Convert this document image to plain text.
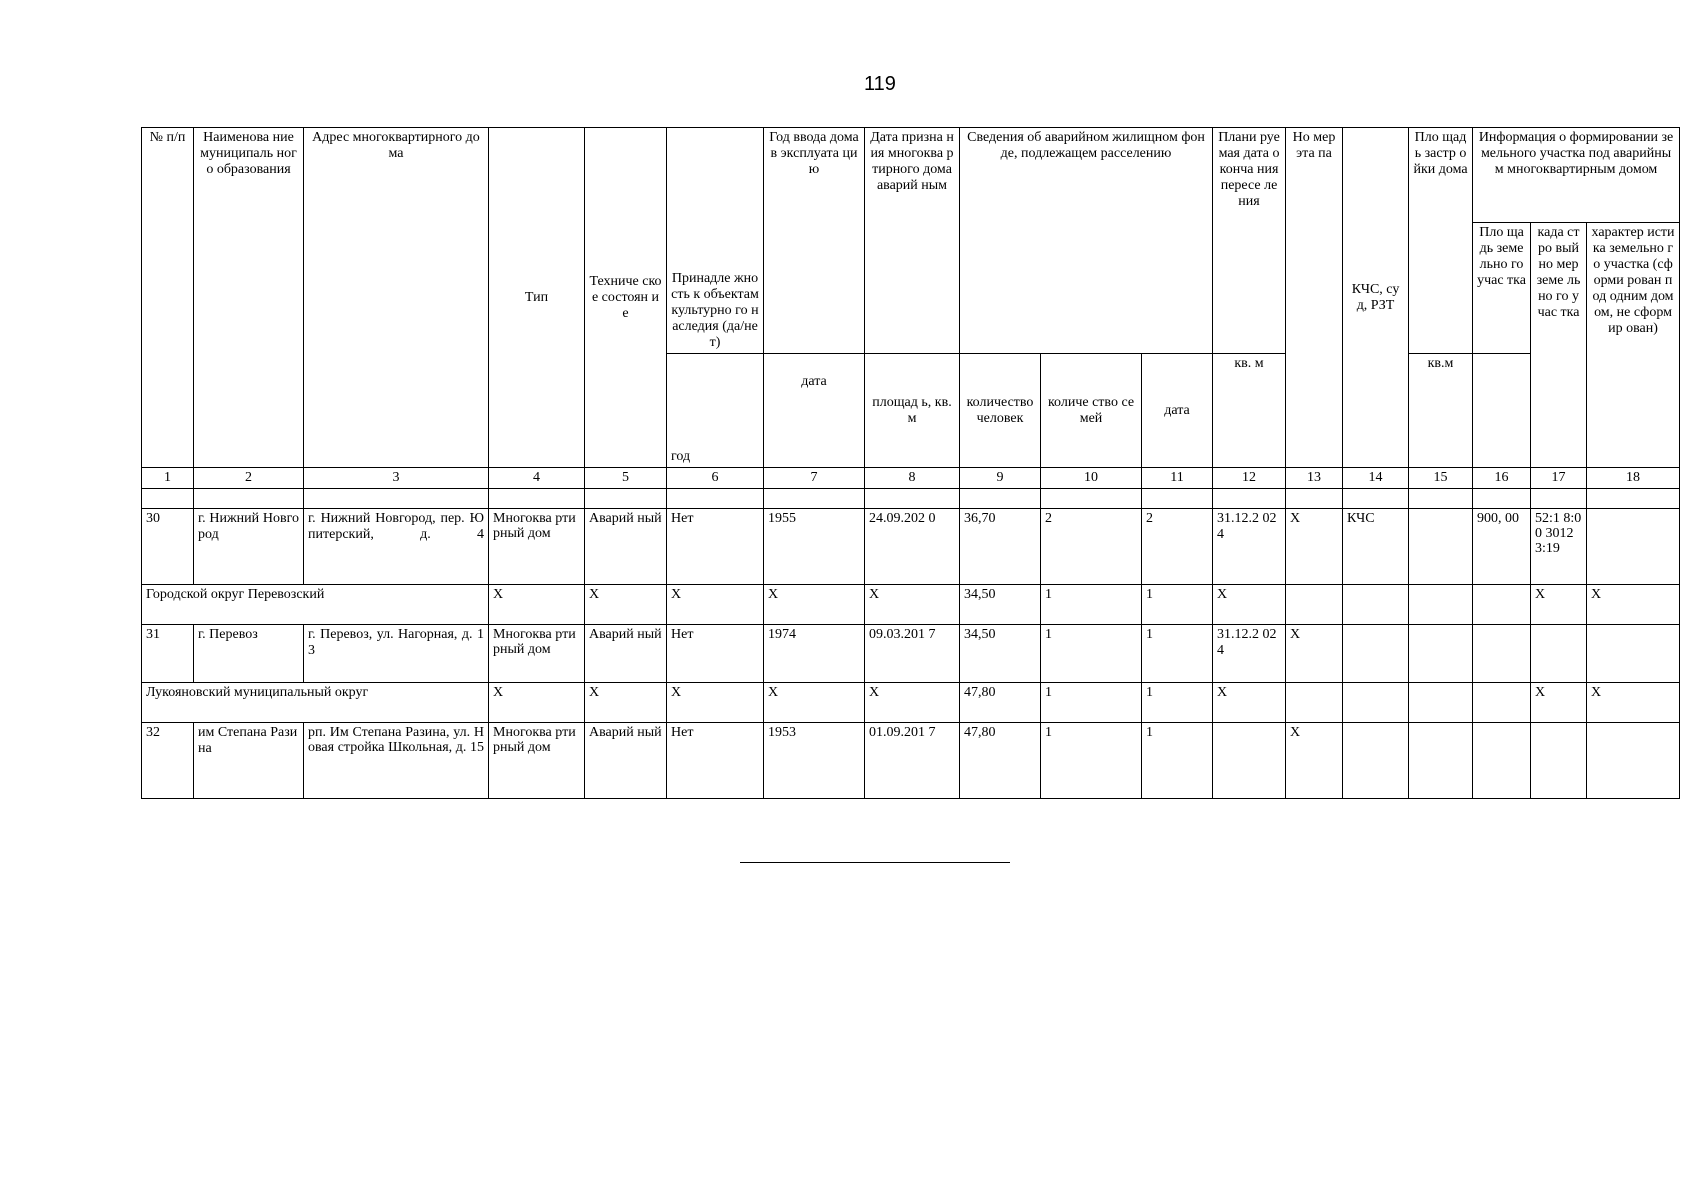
119
№ п/п	Наименова ние муниципаль ного образования	Адрес многоквартирного дома	Тип	Техниче ское состоян ие	Принадле жность к объектам культурно го наследия (да/нет)	Год ввода дома в эксплуата цию	Дата призна ния многоква ртирного дома аварий ным	Сведения об аварийном жилищном фонде, подлежащем расселению			Плани руемая дата оконча ния пересе ления	Но мер эта па	КЧС, суд, РЗТ	Пло щадь застр ойки дома	Информация о формировании земельного участка под аварийным многоквартирным домом		
															Пло щадь земе льно го учас тка	када стро вый но мер земе льно го учас тка	характер истика земельно го участка (сформи рован под одним домом, не сформир ован)
					год	дата	площад ь, кв.м	количество человек	количе ство семей	дата	кв. м			кв.м			
1	2	3	4	5	6	7	8	9	10	11	12	13	14	15	16	17	18

30	г. Нижний Новгород	г. Нижний Новгород, пер. Юпитерский, д. 4	Многоква ртирный дом	Аварий ный	Нет	1955	24.09.202 0	36,70	2	2	31.12.2 024	Х	КЧС		900, 00	52:1 8:00 3012 3:19	
Городской округ Перевозский			Х	Х	Х	Х	Х	34,50	1	1	Х					Х	Х
31	г. Перевоз	г. Перевоз, ул. Нагорная, д. 13	Многоква ртирный дом	Аварий ный	Нет	1974	09.03.201 7	34,50	1	1	31.12.2 024	Х					
Лукояновский муниципальный округ			Х	Х	Х	Х	Х	47,80	1	1	Х					Х	Х
32	им Степана Разина	рп. Им Степана Разина, ул. Новая стройка Школьная, д. 15	Многоква ртирный дом	Аварий ный	Нет	1953	01.09.201 7	47,80	1	1		Х					
